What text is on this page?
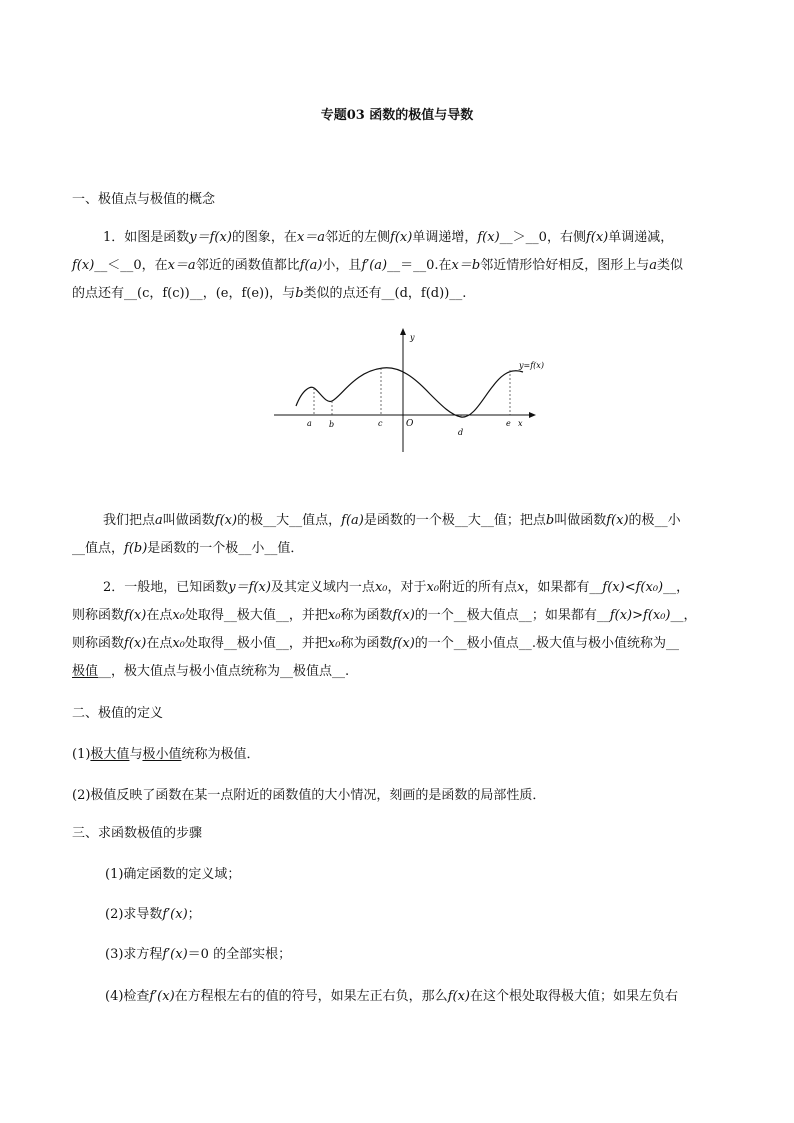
专题03 函数的极值与导数
一、极值点与极值的概念
1．如图是函数y＝f(x)的图象，在x＝a邻近的左侧f(x)单调递增，f(x)__＞__0，右侧f(x)单调递减，
f(x)__＜__0，在x＝a邻近的函数值都比f(a)小，且f′(a)__＝__0.在x＝b邻近情形恰好相反，图形上与a类似
的点还有__(c，f(c))__，(e，f(e))，与b类似的点还有__(d，f(d))__.
y
y=f(x)
O	x
a b	c
d
e
我们把点a叫做函数f(x)的极__大__值点，f(a)是函数的一个极__大__值；把点b叫做函数f(x)的极__小
__值点，f(b)是函数的一个极__小__值．
2．一般地，已知函数y＝f(x)及其定义域内一点x₀，对于x₀附近的所有点x，如果都有__f(x)<f(x₀)__，
则称函数f(x)在点x₀处取得__极大值__，并把x₀称为函数f(x)的一个__极大值点__；如果都有__f(x)>f(x₀)__，
则称函数f(x)在点x₀处取得__极小值__，并把x₀称为函数f(x)的一个__极小值点__.极大值与极小值统称为__
极值__，极大值点与极小值点统称为__极值点__.
二、极值的定义
(1)极大值与极小值统称为极值．
(2)极值反映了函数在某一点附近的函数值的大小情况，刻画的是函数的局部性质．
三、求函数极值的步骤
(1)确定函数的定义域；
(2)求导数f′(x)；
(3)求方程f′(x)＝0 的全部实根；
(4)检查f′(x)在方程根左右的值的符号，如果左正右负，那么f(x)在这个根处取得极大值；如果左负右
